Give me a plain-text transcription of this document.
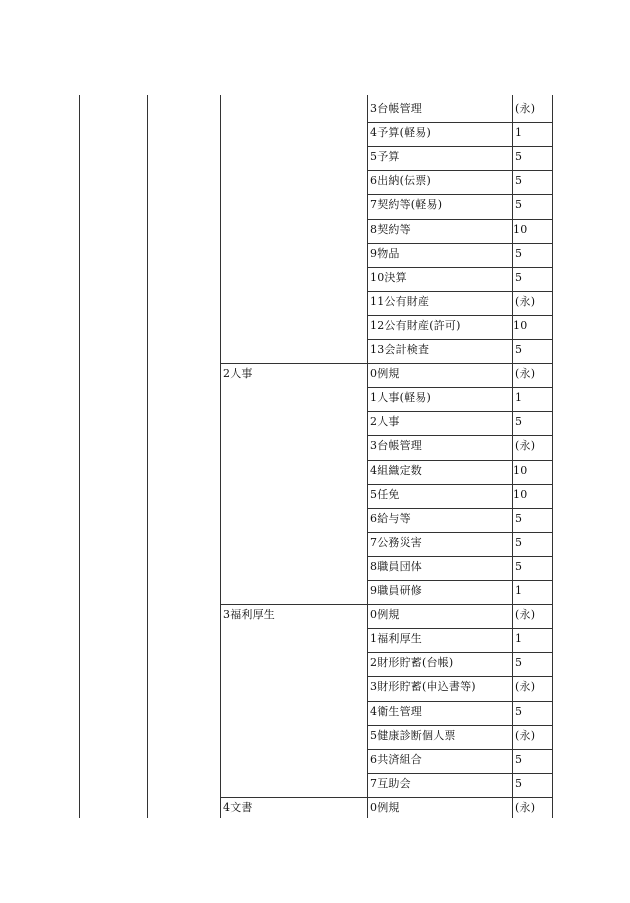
3台帳管理	(永)
4予算(軽易)	1
5予算	5
6出納(伝票)	5
7契約等(軽易)	5
8契約等	10
9物品	5
10決算	5
11公有財産	(永)
12公有財産(許可)	10
13会計検査	5
2人事	0例規	(永)
1人事(軽易)	1
2人事	5
3台帳管理	(永)
4組織定数	10
5任免	10
6給与等	5
7公務災害	5
8職員団体	5
9職員研修	1
3福利厚生	0例規	(永)
1福利厚生	1
2財形貯蓄(台帳)	5
3財形貯蓄(申込書等)	(永)
4衛生管理	5
5健康診断個人票	(永)
6共済組合	5
7互助会	5
4文書	0例規	(永)
